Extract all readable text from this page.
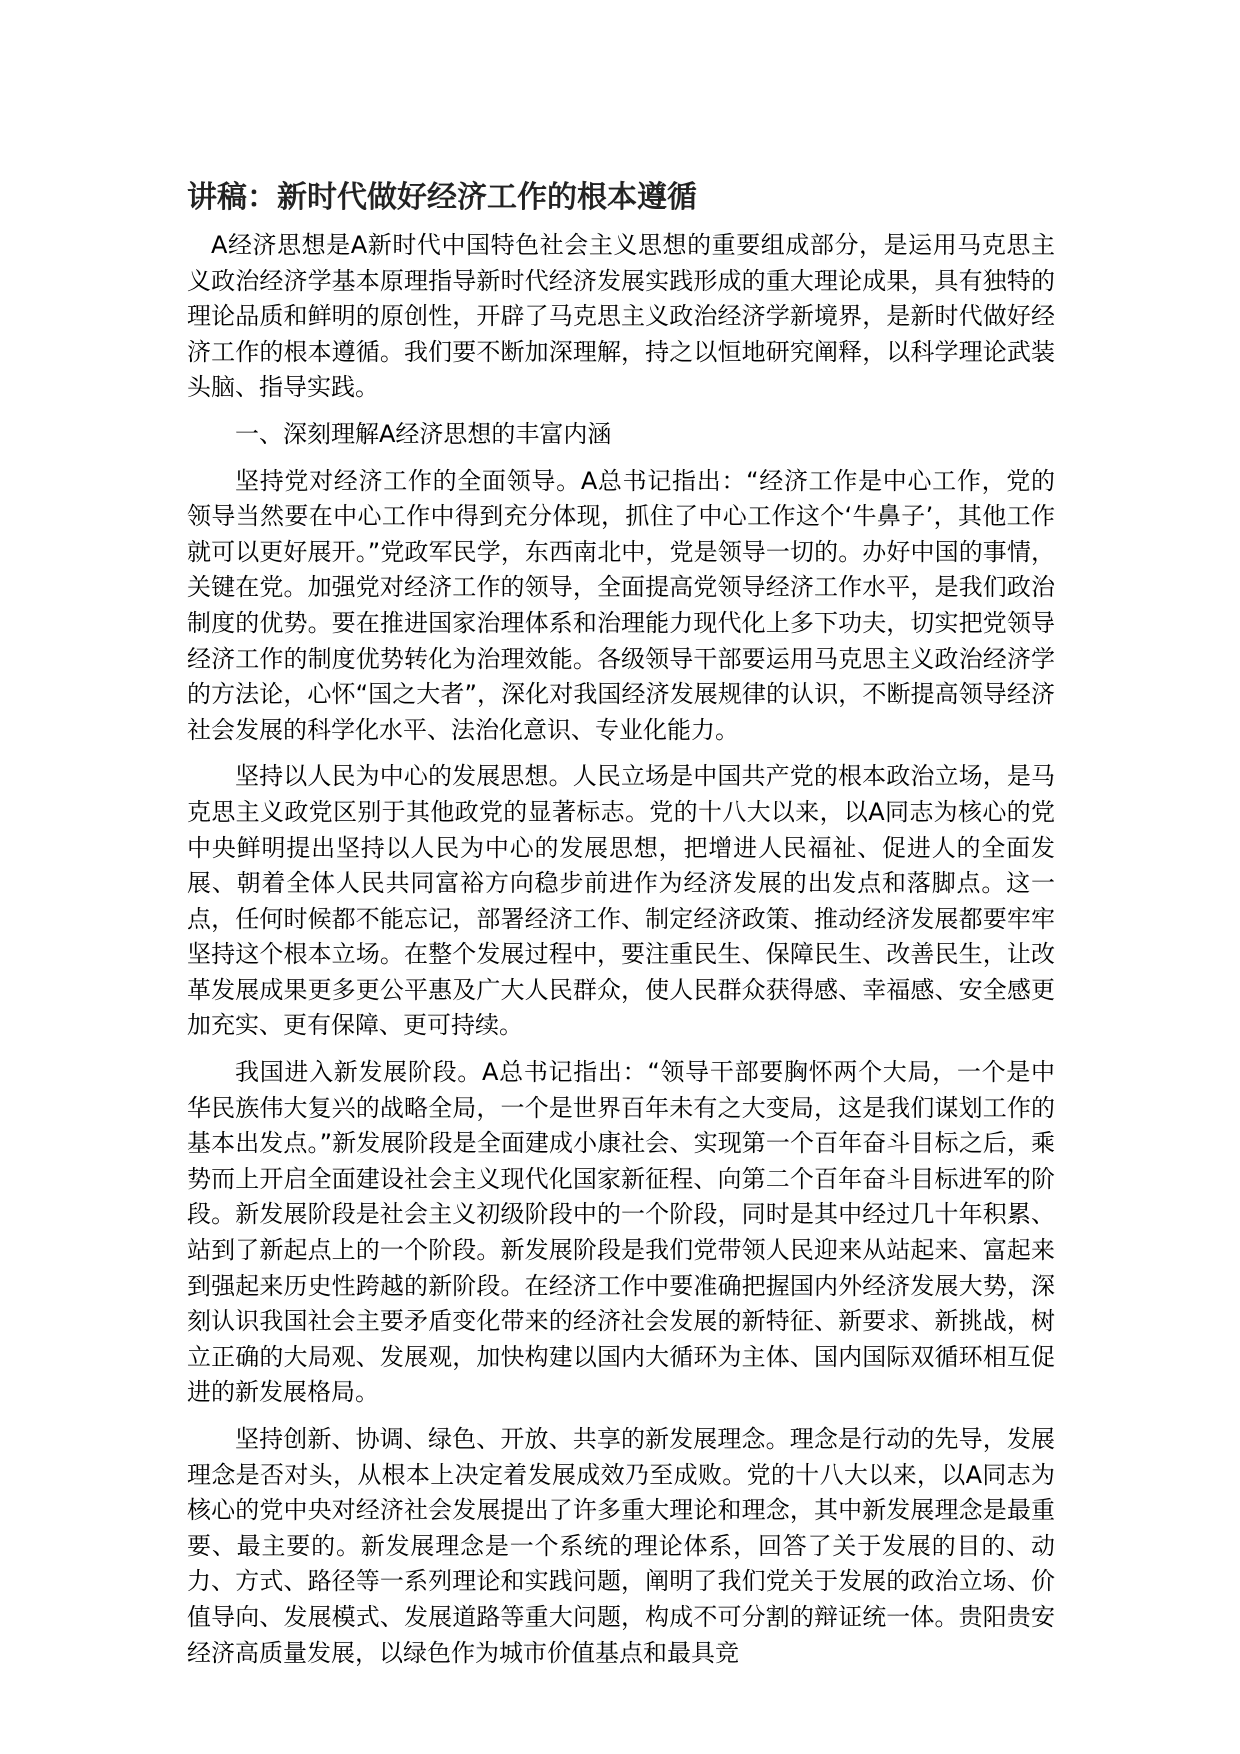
讲稿：新时代做好经济工作的根本遵循

A经济思想是A新时代中国特色社会主义思想的重要组成部分，是运用马克思主义政治经济学基本原理指导新时代经济发展实践形成的重大理论成果，具有独特的理论品质和鲜明的原创性，开辟了马克思主义政治经济学新境界，是新时代做好经济工作的根本遵循。我们要不断加深理解，持之以恒地研究阐释，以科学理论武装头脑、指导实践。

一、深刻理解A经济思想的丰富内涵

坚持党对经济工作的全面领导。A总书记指出：“经济工作是中心工作，党的领导当然要在中心工作中得到充分体现，抓住了中心工作这个‘牛鼻子’，其他工作就可以更好展开。”党政军民学，东西南北中，党是领导一切的。办好中国的事情，关键在党。加强党对经济工作的领导，全面提高党领导经济工作水平，是我们政治制度的优势。要在推进国家治理体系和治理能力现代化上多下功夫，切实把党领导经济工作的制度优势转化为治理效能。各级领导干部要运用马克思主义政治经济学的方法论，心怀“国之大者”，深化对我国经济发展规律的认识，不断提高领导经济社会发展的科学化水平、法治化意识、专业化能力。

坚持以人民为中心的发展思想。人民立场是中国共产党的根本政治立场，是马克思主义政党区别于其他政党的显著标志。党的十八大以来，以A同志为核心的党中央鲜明提出坚持以人民为中心的发展思想，把增进人民福祉、促进人的全面发展、朝着全体人民共同富裕方向稳步前进作为经济发展的出发点和落脚点。这一点，任何时候都不能忘记，部署经济工作、制定经济政策、推动经济发展都要牢牢坚持这个根本立场。在整个发展过程中，要注重民生、保障民生、改善民生，让改革发展成果更多更公平惠及广大人民群众，使人民群众获得感、幸福感、安全感更加充实、更有保障、更可持续。

我国进入新发展阶段。A总书记指出：“领导干部要胸怀两个大局，一个是中华民族伟大复兴的战略全局，一个是世界百年未有之大变局，这是我们谋划工作的基本出发点。”新发展阶段是全面建成小康社会、实现第一个百年奋斗目标之后，乘势而上开启全面建设社会主义现代化国家新征程、向第二个百年奋斗目标进军的阶段。新发展阶段是社会主义初级阶段中的一个阶段，同时是其中经过几十年积累、站到了新起点上的一个阶段。新发展阶段是我们党带领人民迎来从站起来、富起来到强起来历史性跨越的新阶段。在经济工作中要准确把握国内外经济发展大势，深刻认识我国社会主要矛盾变化带来的经济社会发展的新特征、新要求、新挑战，树立正确的大局观、发展观，加快构建以国内大循环为主体、国内国际双循环相互促进的新发展格局。

坚持创新、协调、绿色、开放、共享的新发展理念。理念是行动的先导，发展理念是否对头，从根本上决定着发展成效乃至成败。党的十八大以来，以A同志为核心的党中央对经济社会发展提出了许多重大理论和理念，其中新发展理念是最重要、最主要的。新发展理念是一个系统的理论体系，回答了关于发展的目的、动力、方式、路径等一系列理论和实践问题，阐明了我们党关于发展的政治立场、价值导向、发展模式、发展道路等重大问题，构成不可分割的辩证统一体。贵阳贵安经济高质量发展，以绿色作为城市价值基点和最具竞
